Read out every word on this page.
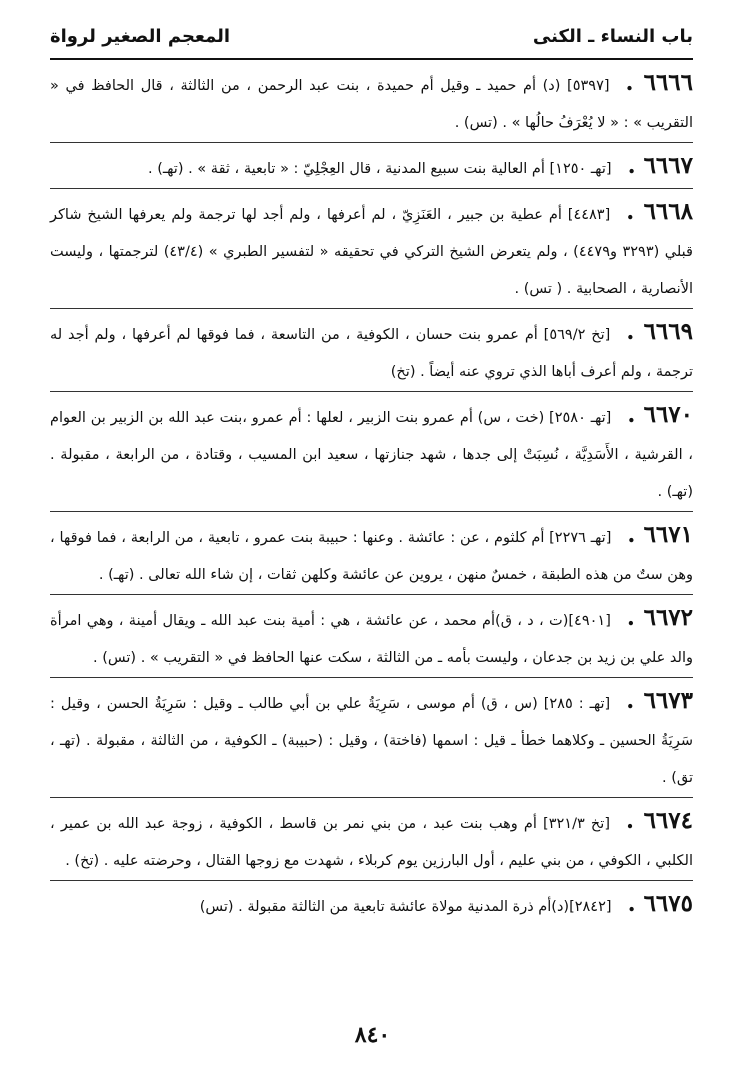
باب النساء ـ الكنى
المعجم الصغير لرواة
٦٦٦٦ .[٥٣٩٧] (د) أم حميد ـ وقيل أم حميدة ، بنت عبد الرحمن ، من الثالثة ، قال الحافظ في « التقريب » : « لا يُعْرَفُ حالُها » . (تس) .
٦٦٦٧ .[تهـ ١٢٥٠] أم العالية بنت سبيع المدنية ، قال العِجْلِيّ : « تابعية ، ثقة » . (تهـ) .
٦٦٦٨ .[٤٤٨٣] أم عطية بن جبير ، العَنَزِيّ ، لم أعرفها ، ولم أجد لها ترجمة ولم يعرفها الشيخ شاكر قبلي (٣٢٩٣ و٤٤٧٩) ، ولم يتعرض الشيخ التركي في تحقيقه « لتفسير الطبري » (٤٣/٤) لترجمتها ، وليست الأنصارية ، الصحابية . ( تس) .
٦٦٦٩ .[تخ ٥٦٩/٢] أم عمرو بنت حسان ، الكوفية ، من التاسعة ، فما فوقها لم أعرفها ، ولم أجد له ترجمة ، ولم أعرف أباها الذي تروي عنه أيضاً . (تخ)
٦٦٧٠ .[تهـ ٢٥٨٠] (خت ، س) أم عمرو بنت الزبير ، لعلها : أم عمرو ،بنت عبد الله بن الزبير بن العوام ، القرشية ، الأَسَدِيَّة ، نُسِبَتْ إلى جدها ، شهد جنازتها ، سعيد ابن المسيب ، وقتادة ، من الرابعة ، مقبولة . (تهـ) .
٦٦٧١ .[تهـ ٢٢٧٦] أم كلثوم ، عن : عائشة . وعنها : حبيبة بنت عمرو ، تابعية ، من الرابعة ، فما فوقها ، وهن ستٌ من هذه الطبقة ، خمسٌ منهن ، يروين عن عائشة وكلهن ثقات ، إن شاء الله تعالى . (تهـ) .
٦٦٧٢ .[٤٩٠١](ت ، د ، ق)أم محمد ، عن عائشة ، هي : أمية بنت عبد الله ـ ويقال أمينة ، وهي امرأة والد علي بن زيد بن جدعان ، وليست بأمه ـ من الثالثة ، سكت عنها الحافظ في « التقريب » . (تس) .
٦٦٧٣ .[تهـ : ٢٨٥] (س ، ق) أم موسى ، سَرِيَةُ علي بن أبي طالب ـ وقيل : سَرِيَةُ الحسن ، وقيل : سَرِيَةُ الحسين ـ وكلاهما خطأ ـ قيل : اسمها (فاختة) ، وقيل : (حبيبة) ـ الكوفية ، من الثالثة ، مقبولة . (تهـ ، تق) .
٦٦٧٤ .[تخ ٣٢١/٣] أم وهب بنت عبد ، من بني نمر بن قاسط ، الكوفية ، زوجة عبد الله بن عمير ، الكلبي ، الكوفي ، من بني عليم ، أول البارزين يوم كربلاء ، شهدت مع زوجها القتال ، وحرضته عليه . (تخ) .
٦٦٧٥ .[٢٨٤٢](د)أم ذرة المدنية مولاة عائشة تابعية من الثالثة مقبولة . (تس)
٨٤٠
